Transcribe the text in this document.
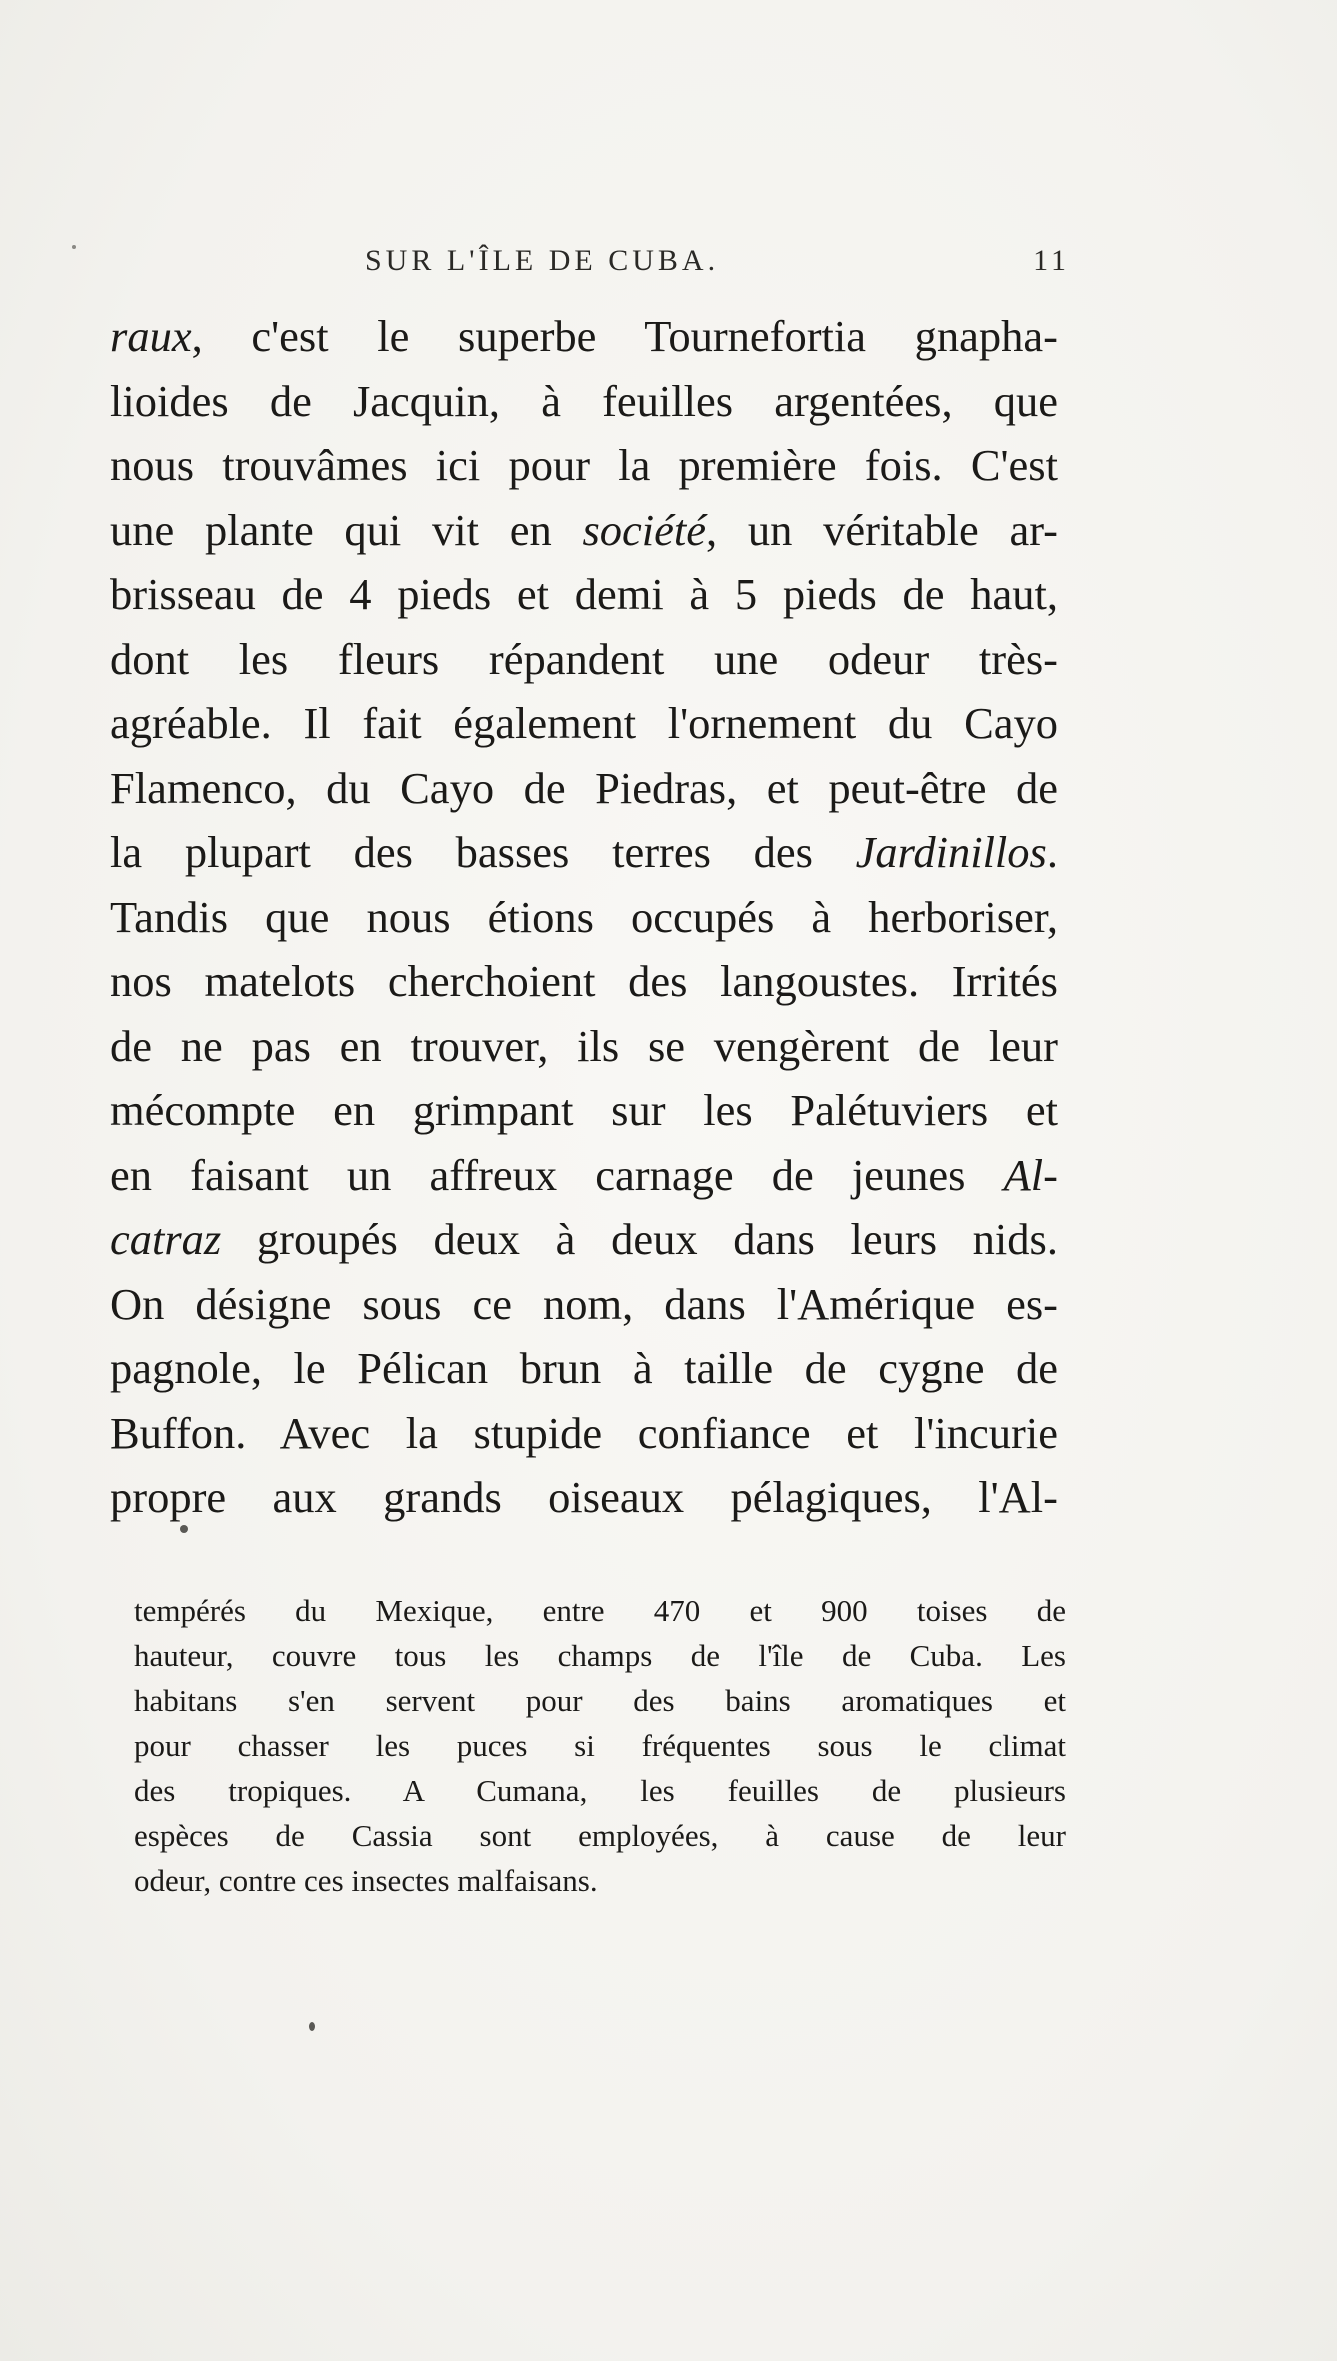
SUR L'ÎLE DE CUBA.	11
raux, c'est le superbe Tournefortia gnapha-
lioides de Jacquin, à feuilles argentées, que
nous trouvâmes ici pour la première fois. C'est
une plante qui vit en société, un véritable ar-
brisseau de 4 pieds et demi à 5 pieds de haut,
dont les fleurs répandent une odeur très-
agréable. Il fait également l'ornement du Cayo
Flamenco, du Cayo de Piedras, et peut-être de
la plupart des basses terres des Jardinillos.
Tandis que nous étions occupés à herboriser,
nos matelots cherchoient des langoustes. Irrités
de ne pas en trouver, ils se vengèrent de leur
mécompte en grimpant sur les Palétuviers et
en faisant un affreux carnage de jeunes Al-
catraz groupés deux à deux dans leurs nids.
On désigne sous ce nom, dans l'Amérique es-
pagnole, le Pélican brun à taille de cygne de
Buffon. Avec la stupide confiance et l'incurie
propre aux grands oiseaux pélagiques, l'Al-
tempérés du Mexique, entre 470 et 900 toises de
hauteur, couvre tous les champs de l'île de Cuba. Les
habitans s'en servent pour des bains aromatiques et
pour chasser les puces si fréquentes sous le climat
des tropiques. A Cumana, les feuilles de plusieurs
espèces de Cassia sont employées, à cause de leur
odeur, contre ces insectes malfaisans.
